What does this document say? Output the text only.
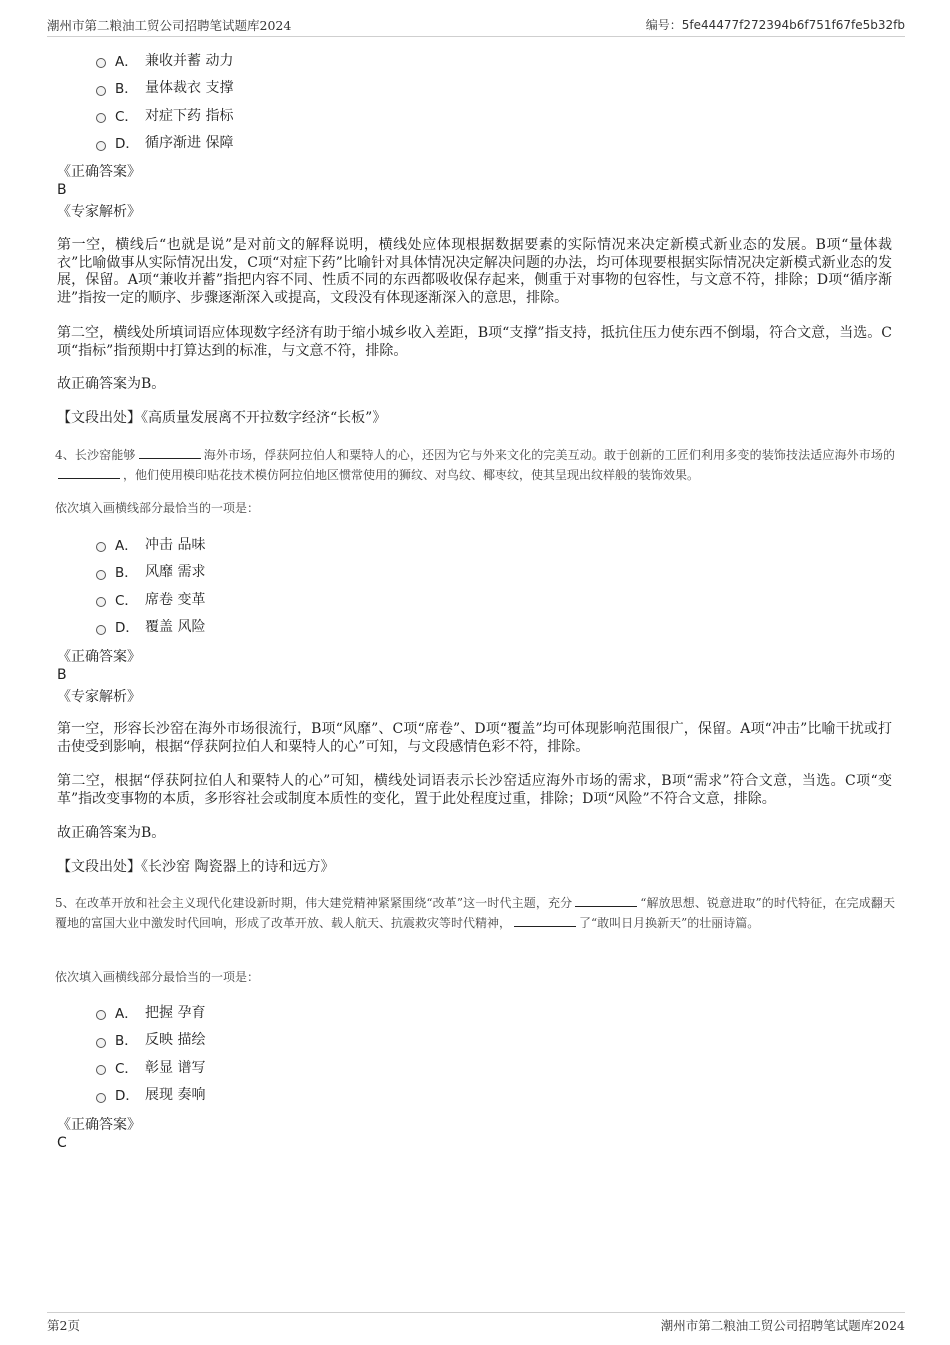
潮州市第二粮油工贸公司招聘笔试题库2024	编号：5fe44477f272394b6f751f67fe5b32fb
A． 兼收并蓄 动力
B． 量体裁衣 支撑
C． 对症下药 指标
D． 循序渐进 保障
《正确答案》
B
《专家解析》
第一空，横线后“也就是说”是对前文的解释说明，横线处应体现根据数据要素的实际情况来决定新模式新业态的发展。B项“量体裁衣”比喻做事从实际情况出发，C项“对症下药”比喻针对具体情况决定解决问题的办法，均可体现要根据实际情况决定新模式新业态的发展，保留。A项“兼收并蓄”指把内容不同、性质不同的东西都吸收保存起来，侧重于对事物的包容性，与文意不符，排除；D项“循序渐进”指按一定的顺序、步骤逐渐深入或提高，文段没有体现逐渐深入的意思，排除。
第二空，横线处所填词语应体现数字经济有助于缩小城乡收入差距，B项“支撑”指支持，抵抗住压力使东西不倒塌，符合文意，当选。C项“指标”指预期中打算达到的标准，与文意不符，排除。
故正确答案为B。
【文段出处】《高质量发展离不开拉数字经济“长板”》
4、长沙窑能够	海外市场，俘获阿拉伯人和粟特人的心，还因为它与外来文化的完美互动。敢于创新的工匠们利用多变的装饰技法适应海外市场的，他们使用模印贴花技术模仿阿拉伯地区惯常使用的狮纹、对鸟纹、椰枣纹，使其呈现出纹样般的装饰效果。
依次填入画横线部分最恰当的一项是：
A． 冲击 品味
B． 风靡 需求
C． 席卷 变革
D． 覆盖 风险
《正确答案》
B
《专家解析》
第一空，形容长沙窑在海外市场很流行，B项“风靡”、C项“席卷”、D项“覆盖”均可体现影响范围很广，保留。A项“冲击”比喻干扰或打击使受到影响，根据“俘获阿拉伯人和粟特人的心”可知，与文段感情色彩不符，排除。
第二空，根据“俘获阿拉伯人和粟特人的心”可知，横线处词语表示长沙窑适应海外市场的需求，B项“需求”符合文意，当选。C项“变革”指改变事物的本质，多形容社会或制度本质性的变化，置于此处程度过重，排除；D项“风险”不符合文意，排除。
故正确答案为B。
【文段出处】《长沙窑 陶瓷器上的诗和远方》
5、在改革开放和社会主义现代化建设新时期，伟大建党精神紧紧围绕“改革”这一时代主题，充分	“解放思想、锐意进取”的时代特征，在完成翻天覆地的富国大业中激发时代回响，形成了改革开放、载人航天、抗震救灾等时代精神，	了“敢叫日月换新天”的壮丽诗篇。
依次填入画横线部分最恰当的一项是：
A． 把握 孕育
B． 反映 描绘
C． 彰显 谱写
D． 展现 奏响
《正确答案》
C
第2页	潮州市第二粮油工贸公司招聘笔试题库2024
